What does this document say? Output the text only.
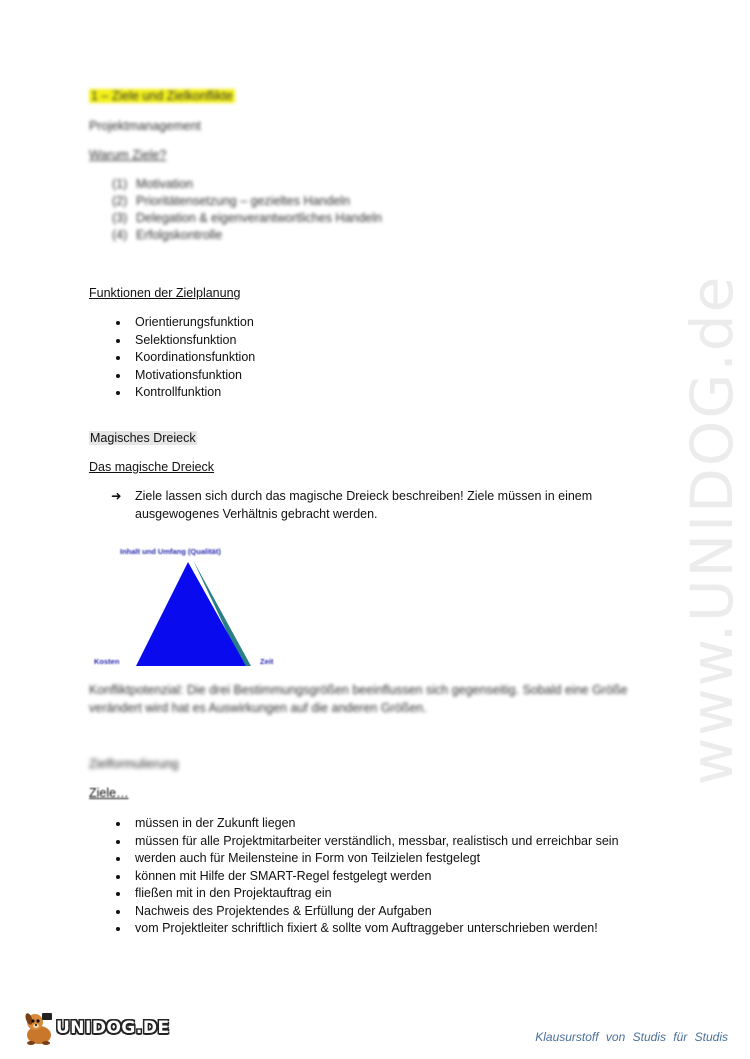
www.UNIDOG.de
1 – Ziele und Zielkonflikte
Projektmanagement
Warum Ziele?
(1) Motivation
(2) Prioritätensetzung – gezieltes Handeln
(3) Delegation & eigenverantwortliches Handeln
(4) Erfolgskontrolle
Funktionen der Zielplanung
Orientierungsfunktion
Selektionsfunktion
Koordinationsfunktion
Motivationsfunktion
Kontrollfunktion
Magisches Dreieck
Das magische Dreieck
➜ Ziele lassen sich durch das magische Dreieck beschreiben! Ziele müssen in einem ausgewogenes Verhältnis gebracht werden.
Inhalt und Umfang (Qualität)
Kosten	Zeit
Konfliktpotenzial: Die drei Bestimmungsgrößen beeinflussen sich gegenseitig. Sobald eine Größe verändert wird hat es Auswirkungen auf die anderen Größen.
Zielformulierung
Ziele…
müssen in der Zukunft liegen
müssen für alle Projektmitarbeiter verständlich, messbar, realistisch und erreichbar sein
werden auch für Meilensteine in Form von Teilzielen festgelegt
können mit Hilfe der SMART-Regel festgelegt werden
fließen mit in den Projektauftrag ein
Nachweis des Projektendes & Erfüllung der Aufgaben
vom Projektleiter schriftlich fixiert & sollte vom Auftraggeber unterschrieben werden!
UNIDOG.DE	Klausurstoff von Studis für Studis
